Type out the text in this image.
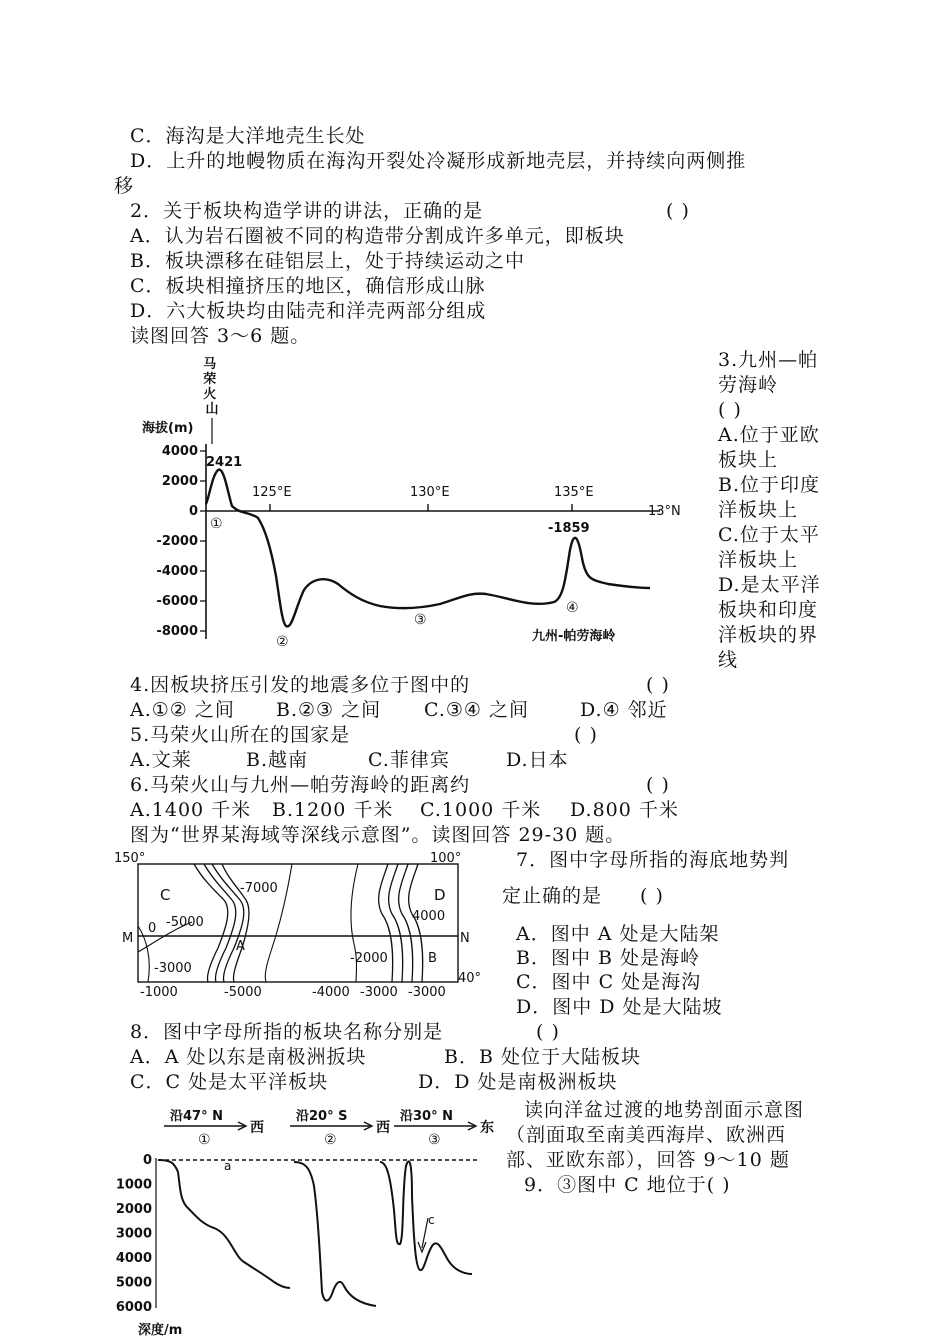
C．海沟是大洋地壳生长处
D．上升的地幔物质在海沟开裂处冷凝形成新地壳层，并持续向两侧推
移
2．关于板块构造学讲的讲法，正确的是	( )
A．认为岩石圈被不同的构造带分割成许多单元，即板块
B．板块漂移在硅铝层上，处于持续运动之中
C．板块相撞挤压的地区，确信形成山脉
D．六大板块均由陆壳和洋壳两部分组成
读图回答 3～6 题。
马 荣 火 山
海拔(m)
4000
2000
0
-2000
-4000
-6000
-8000
125°E	130°E	135°E
13°N
2421
-1859
①
②
③
④
九州-帕劳海岭
3.九州—帕劳海岭
( )
A.位于亚欧板块上
B.位于印度洋板块上
C.位于太平洋板块上
D.是太平洋板块和印度洋板块的界线
4.因板块挤压引发的地震多位于图中的	( )
A.①② 之间 B.②③ 之间 C.③④ 之间	D.④ 邻近
5.马荣火山所在的国家是	( )
A.文莱	B.越南	C.菲律宾	D.日本
6.马荣火山与九州—帕劳海岭的距离约	( )
A.1400 千米 B.1200 千米 C.1000 千米 D.800 千米
图为“世界某海域等深线示意图”。读图回答 29-30 题。
150°	100°
M	N
40°
C	D
A
B
-7000
-5000
0
-3000
-2000
4000
-1000	-5000	-4000 -3000 -3000
7．图中字母所指的海底地势判
定止确的是 ( )
A．图中 A 处是大陆架
B．图中 B 处是海岭
C．图中 C 处是海沟
D．图中 D 处是大陆坡
8．图中字母所指的板块名称分别是	( )
A．A 处以东是南极洲扳块	B．B 处位于大陆板块
C．C 处是太平洋板块	D．D 处是南极洲板块
沿47° N
①
西
沿20° S
②
西
沿30° N
③
东
a
0
1000
2000
3000
4000
5000
6000
c
深度/m
读向洋盆过渡的地势剖面示意图
（剖面取至南美西海岸、欧洲西
部、亚欧东部），回答 9～10 题
9．③图中 C 地位于( )
